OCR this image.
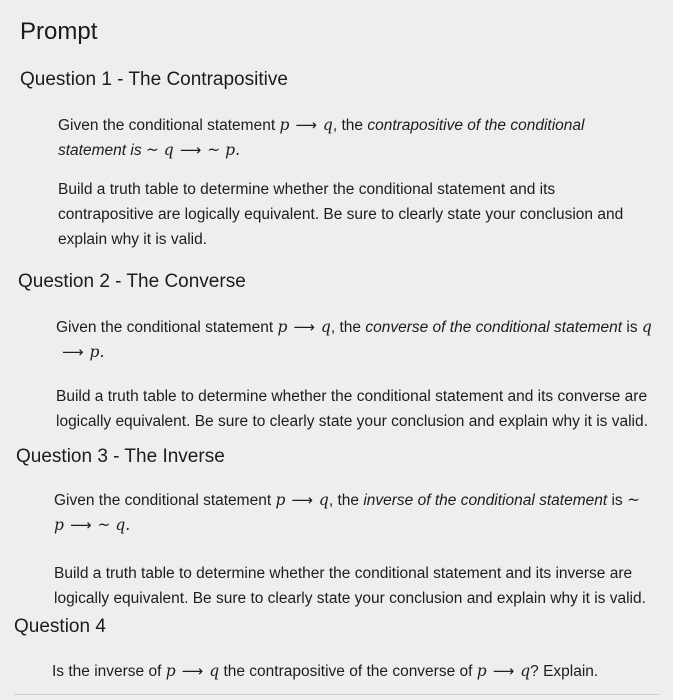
Prompt
Question 1 - The Contrapositive
Given the conditional statement p ⟶ q, the contrapositive of the conditional statement is ~ q ⟶ ~ p.
Build a truth table to determine whether the conditional statement and its contrapositive are logically equivalent. Be sure to clearly state your conclusion and explain why it is valid.
Question 2 - The Converse
Given the conditional statement p ⟶ q, the converse of the conditional statement is q⟶ p.
Build a truth table to determine whether the conditional statement and its converse are logically equivalent. Be sure to clearly state your conclusion and explain why it is valid.
Question 3 - The Inverse
Given the conditional statement p ⟶ q, the inverse of the conditional statement is ~ p ⟶ ~ q.
Build a truth table to determine whether the conditional statement and its inverse are logically equivalent. Be sure to clearly state your conclusion and explain why it is valid.
Question 4
Is the inverse of p ⟶ q the contrapositive of the converse of p ⟶ q? Explain.
